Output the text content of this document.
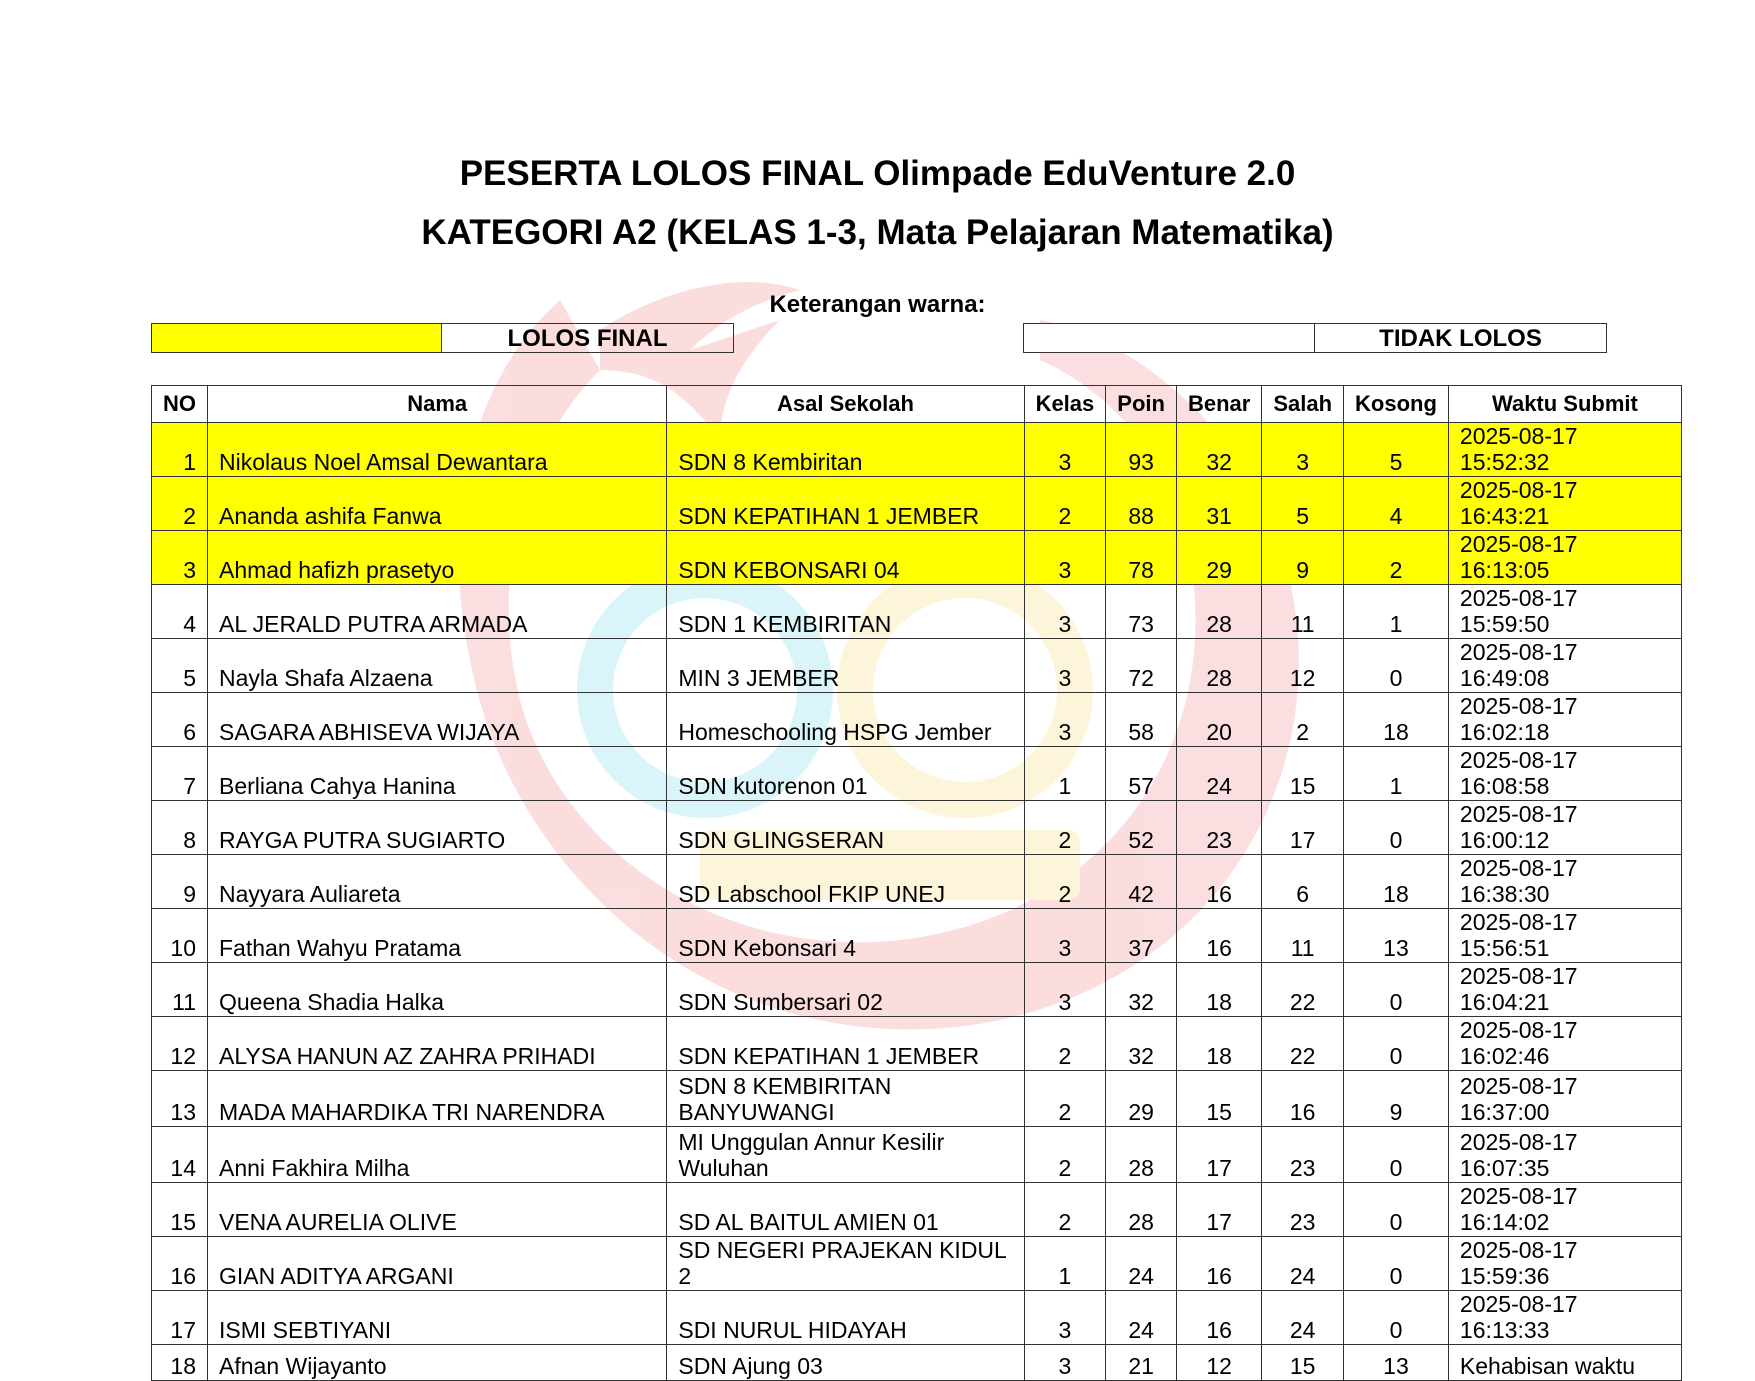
PESERTA LOLOS FINAL Olimpade EduVenture 2.0
KATEGORI A2 (KELAS 1-3, Mata Pelajaran Matematika)
Keterangan warna:
LOLOS FINAL	TIDAK LOLOS
NO	Nama	Asal Sekolah	Kelas	Poin	Benar	Salah	Kosong	Waktu Submit
1	Nikolaus Noel Amsal Dewantara	SDN 8 Kembiritan	3	93	32	3	5	2025-08-17 15:52:32
2	Ananda ashifa Fanwa	SDN KEPATIHAN 1 JEMBER	2	88	31	5	4	2025-08-17 16:43:21
3	Ahmad hafizh prasetyo	SDN KEBONSARI 04	3	78	29	9	2	2025-08-17 16:13:05
4	AL JERALD PUTRA ARMADA	SDN 1 KEMBIRITAN	3	73	28	11	1	2025-08-17 15:59:50
5	Nayla Shafa Alzaena	MIN 3 JEMBER	3	72	28	12	0	2025-08-17 16:49:08
6	SAGARA ABHISEVA WIJAYA	Homeschooling HSPG Jember	3	58	20	2	18	2025-08-17 16:02:18
7	Berliana Cahya Hanina	SDN kutorenon 01	1	57	24	15	1	2025-08-17 16:08:58
8	RAYGA PUTRA SUGIARTO	SDN GLINGSERAN	2	52	23	17	0	2025-08-17 16:00:12
9	Nayyara Auliareta	SD Labschool FKIP UNEJ	2	42	16	6	18	2025-08-17 16:38:30
10	Fathan Wahyu Pratama	SDN Kebonsari 4	3	37	16	11	13	2025-08-17 15:56:51
11	Queena Shadia Halka	SDN Sumbersari 02	3	32	18	22	0	2025-08-17 16:04:21
12	ALYSA HANUN AZ ZAHRA PRIHADI	SDN KEPATIHAN 1 JEMBER	2	32	18	22	0	2025-08-17 16:02:46
13	MADA MAHARDIKA TRI NARENDRA	SDN 8 KEMBIRITAN BANYUWANGI	2	29	15	16	9	2025-08-17 16:37:00
14	Anni Fakhira Milha	MI Unggulan Annur Kesilir Wuluhan	2	28	17	23	0	2025-08-17 16:07:35
15	VENA AURELIA OLIVE	SD AL BAITUL AMIEN 01	2	28	17	23	0	2025-08-17 16:14:02
16	GIAN ADITYA ARGANI	SD NEGERI PRAJEKAN KIDUL 2	1	24	16	24	0	2025-08-17 15:59:36
17	ISMI SEBTIYANI	SDI NURUL HIDAYAH	3	24	16	24	0	2025-08-17 16:13:33
18	Afnan Wijayanto	SDN Ajung 03	3	21	12	15	13	Kehabisan waktu
